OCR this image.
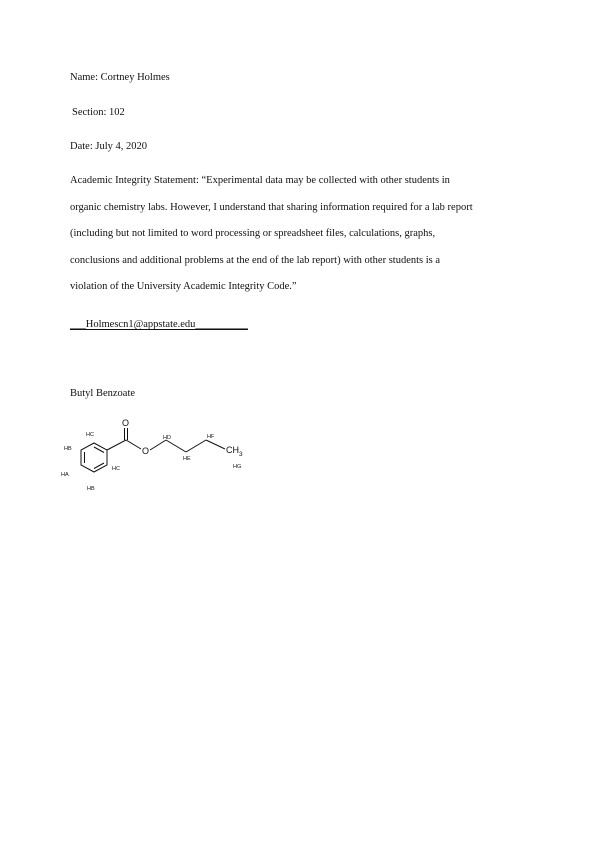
Name: Cortney Holmes
Section: 102
Date: July 4, 2020
Academic Integrity Statement: “Experimental data may be collected with other students in
organic chemistry labs. However, I understand that sharing information required for a lab report
(including but not limited to word processing or spreadsheet files, calculations, graphs,
conclusions and additional problems at the end of the lab report) with other students is a
violation of the University Academic Integrity Code.”
___Holmescn1@appstate.edu__________
Butyl Benzoate
O
O	$CH_3$
HC
HB
HC
HA
HB
HD
HE
HF
HG
